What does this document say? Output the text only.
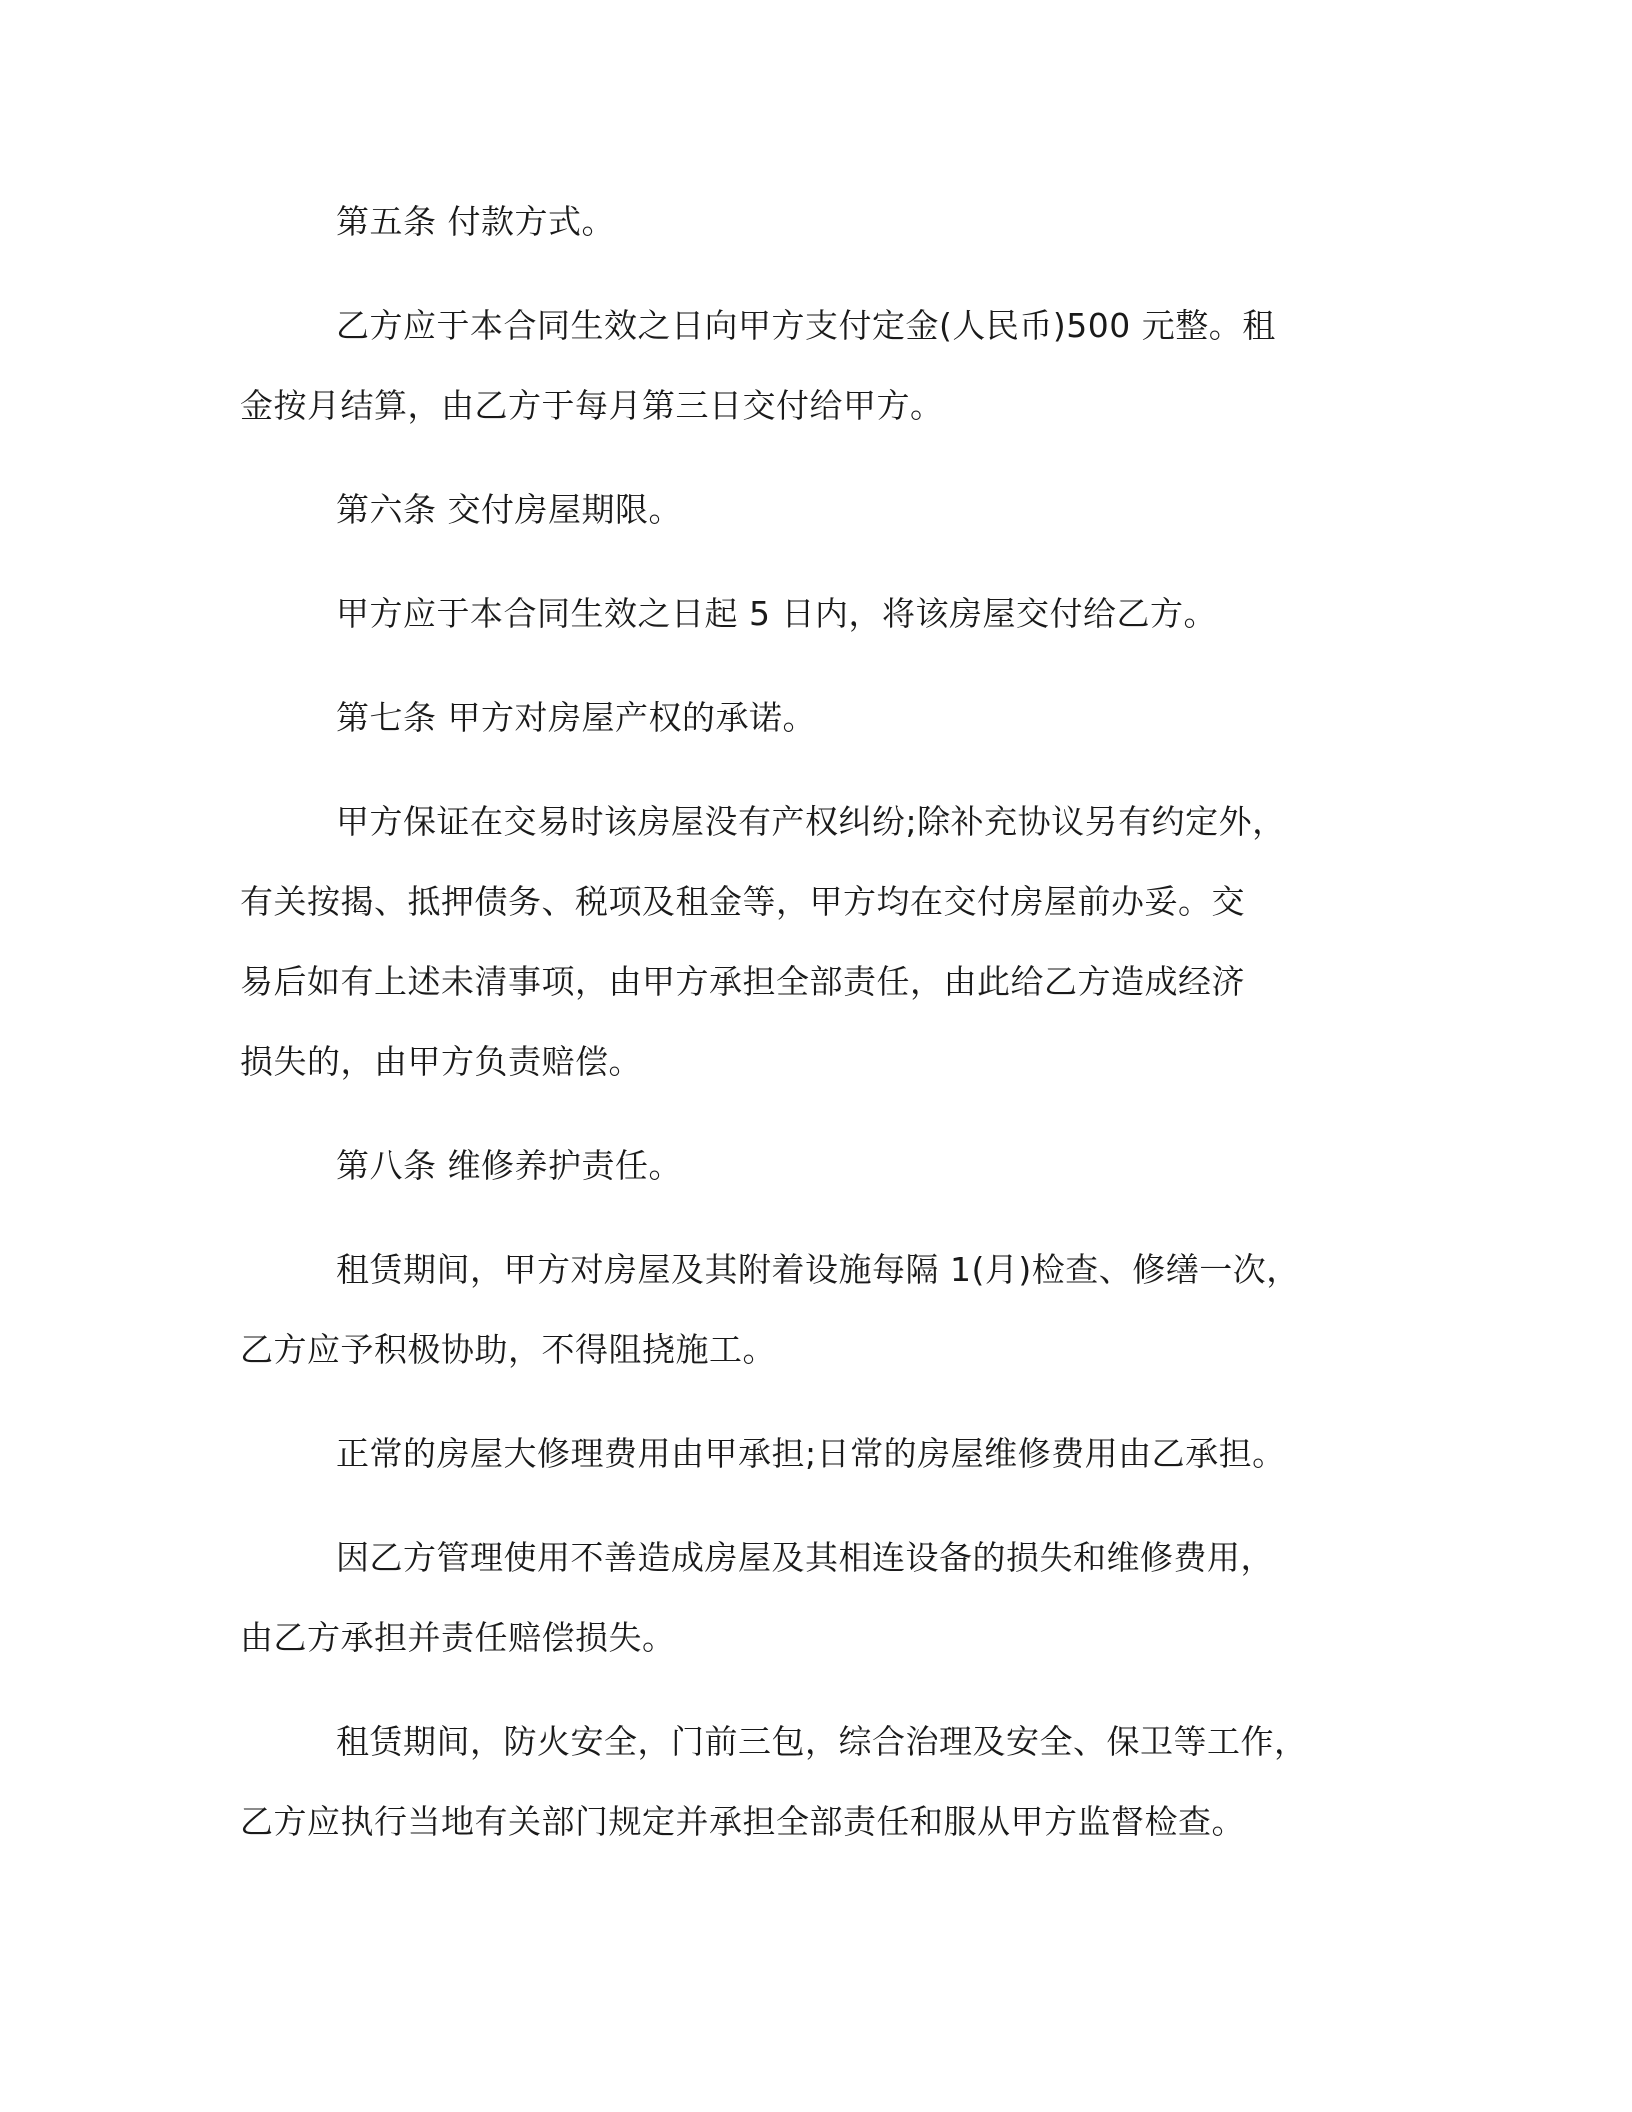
第五条 付款方式。

乙方应于本合同生效之日向甲方支付定金(人民币)500 元整。租
金按月结算，由乙方于每月第三日交付给甲方。

第六条 交付房屋期限。

甲方应于本合同生效之日起 5 日内，将该房屋交付给乙方。

第七条 甲方对房屋产权的承诺。

甲方保证在交易时该房屋没有产权纠纷;除补充协议另有约定外，
有关按揭、抵押债务、税项及租金等，甲方均在交付房屋前办妥。交
易后如有上述未清事项，由甲方承担全部责任，由此给乙方造成经济
损失的，由甲方负责赔偿。

第八条 维修养护责任。

租赁期间，甲方对房屋及其附着设施每隔 1(月)检查、修缮一次，
乙方应予积极协助，不得阻挠施工。

正常的房屋大修理费用由甲承担;日常的房屋维修费用由乙承担。

因乙方管理使用不善造成房屋及其相连设备的损失和维修费用，
由乙方承担并责任赔偿损失。

租赁期间，防火安全，门前三包，综合治理及安全、保卫等工作，
乙方应执行当地有关部门规定并承担全部责任和服从甲方监督检查。
